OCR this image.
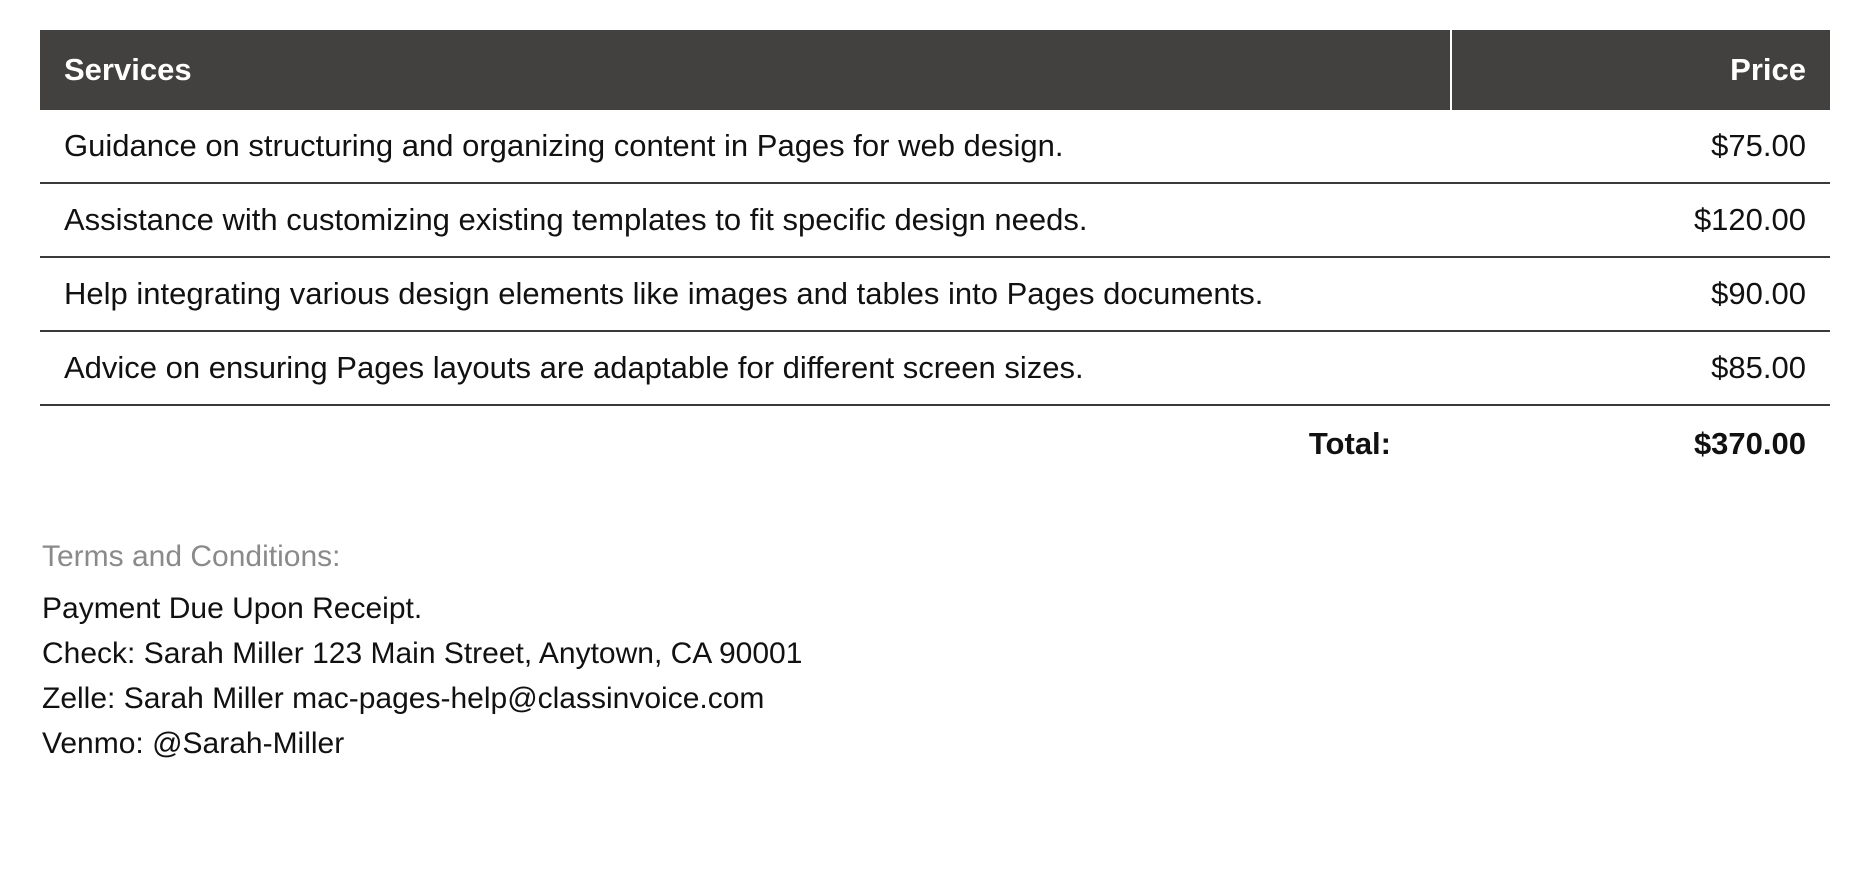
Services	Price
Guidance on structuring and organizing content in Pages for web design.	$75.00
Assistance with customizing existing templates to fit specific design needs.	$120.00
Help integrating various design elements like images and tables into Pages documents.	$90.00
Advice on ensuring Pages layouts are adaptable for different screen sizes.	$85.00
Total:	$370.00
Terms and Conditions:
Payment Due Upon Receipt.
Check: Sarah Miller 123 Main Street, Anytown, CA 90001
Zelle: Sarah Miller mac-pages-help@classinvoice.com
Venmo: @Sarah-Miller
